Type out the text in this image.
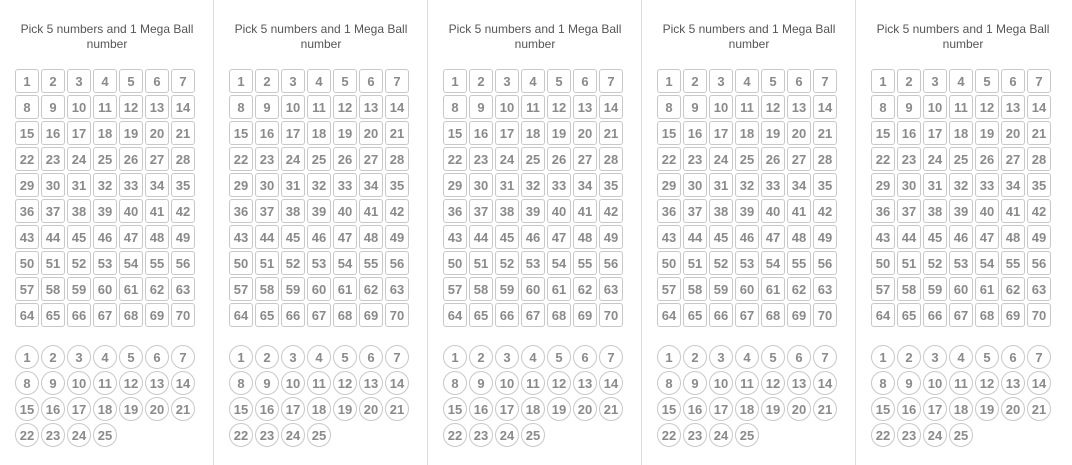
Pick 5 numbers and 1 Mega Ball number
1	2	3	4	5	6	7
8	9	10 11 12 13 14
15 16 17 18 19 20 21
22 23 24 25 26 27 28
29 30 31 32 33 34 35
36 37 38 39 40 41 42
43 44 45 46 47 48 49
50 51 52 53 54 55 56
57 58 59 60 61 62 63
64 65 66 67 68 69 70
1	2	3	4	5	6	7
8	9	10 11 12 13 14
15 16 17 18 19 20 21
22 23 24 25
Pick 5 numbers and 1 Mega Ball number
1	2	3	4	5	6	7
8	9	10 11 12 13 14
15 16 17 18 19 20 21
22 23 24 25 26 27 28
29 30 31 32 33 34 35
36 37 38 39 40 41 42
43 44 45 46 47 48 49
50 51 52 53 54 55 56
57 58 59 60 61 62 63
64 65 66 67 68 69 70
1	2	3	4	5	6	7
8	9	10 11 12 13 14
15 16 17 18 19 20 21
22 23 24 25
Pick 5 numbers and 1 Mega Ball number
1	2	3	4	5	6	7
8	9	10 11 12 13 14
15 16 17 18 19 20 21
22 23 24 25 26 27 28
29 30 31 32 33 34 35
36 37 38 39 40 41 42
43 44 45 46 47 48 49
50 51 52 53 54 55 56
57 58 59 60 61 62 63
64 65 66 67 68 69 70
1	2	3	4	5	6	7
8	9	10 11 12 13 14
15 16 17 18 19 20 21
22 23 24 25
Pick 5 numbers and 1 Mega Ball number
1	2	3	4	5	6	7
8	9	10 11 12 13 14
15 16 17 18 19 20 21
22 23 24 25 26 27 28
29 30 31 32 33 34 35
36 37 38 39 40 41 42
43 44 45 46 47 48 49
50 51 52 53 54 55 56
57 58 59 60 61 62 63
64 65 66 67 68 69 70
1	2	3	4	5	6	7
8	9	10 11 12 13 14
15 16 17 18 19 20 21
22 23 24 25
Pick 5 numbers and 1 Mega Ball number
1	2	3	4	5	6	7
8	9	10 11 12 13 14
15 16 17 18 19 20 21
22 23 24 25 26 27 28
29 30 31 32 33 34 35
36 37 38 39 40 41 42
43 44 45 46 47 48 49
50 51 52 53 54 55 56
57 58 59 60 61 62 63
64 65 66 67 68 69 70
1	2	3	4	5	6	7
8	9	10 11 12 13 14
15 16 17 18 19 20 21
22 23 24 25
